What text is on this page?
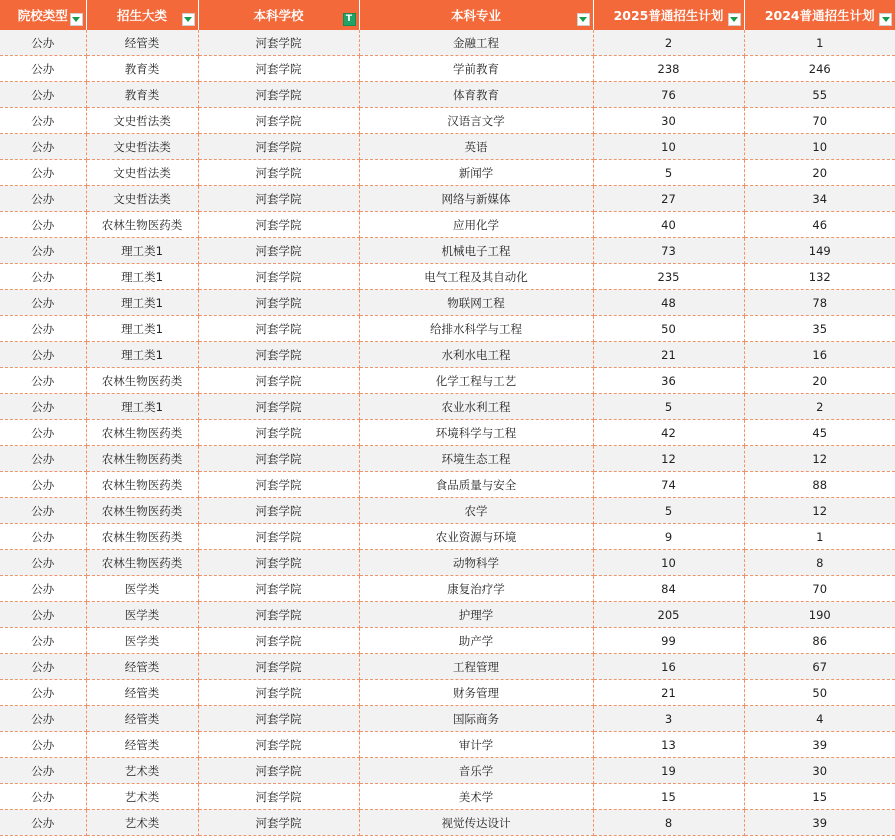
院校类型	招生大类	本科学校 T	本科专业	2025普通招生计划	2024普通招生计划

公办	经管类	河套学院	金融工程	2	1
公办	教育类	河套学院	学前教育	238	246
公办	教育类	河套学院	体育教育	76	55
公办	文史哲法类	河套学院	汉语言文学	30	70
公办	文史哲法类	河套学院	英语	10	10
公办	文史哲法类	河套学院	新闻学	5	20
公办	文史哲法类	河套学院	网络与新媒体	27	34
公办	农林生物医药类	河套学院	应用化学	40	46
公办	理工类1	河套学院	机械电子工程	73	149
公办	理工类1	河套学院	电气工程及其自动化	235	132
公办	理工类1	河套学院	物联网工程	48	78
公办	理工类1	河套学院	给排水科学与工程	50	35
公办	理工类1	河套学院	水利水电工程	21	16
公办	农林生物医药类	河套学院	化学工程与工艺	36	20
公办	理工类1	河套学院	农业水利工程	5	2
公办	农林生物医药类	河套学院	环境科学与工程	42	45
公办	农林生物医药类	河套学院	环境生态工程	12	12
公办	农林生物医药类	河套学院	食品质量与安全	74	88
公办	农林生物医药类	河套学院	农学	5	12
公办	农林生物医药类	河套学院	农业资源与环境	9	1
公办	农林生物医药类	河套学院	动物科学	10	8
公办	医学类	河套学院	康复治疗学	84	70
公办	医学类	河套学院	护理学	205	190
公办	医学类	河套学院	助产学	99	86
公办	经管类	河套学院	工程管理	16	67
公办	经管类	河套学院	财务管理	21	50
公办	经管类	河套学院	国际商务	3	4
公办	经管类	河套学院	审计学	13	39
公办	艺术类	河套学院	音乐学	19	30
公办	艺术类	河套学院	美术学	15	15
公办	艺术类	河套学院	视觉传达设计	8	39
